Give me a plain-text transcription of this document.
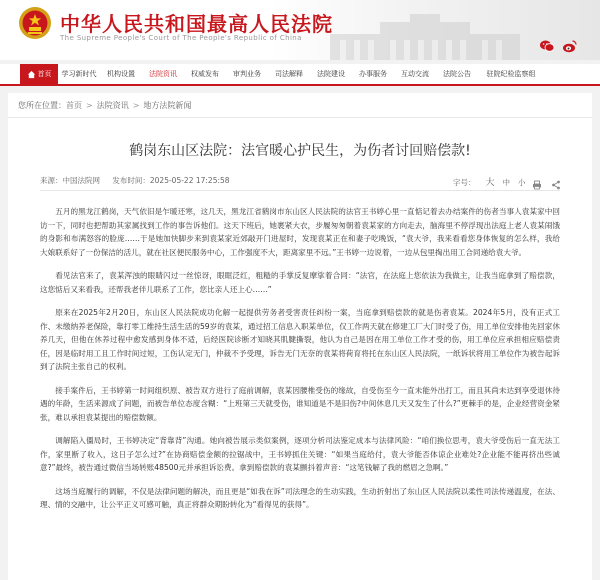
中华人民共和国最高人民法院
The Supreme People's Court of The People's Republic of China
首页	学习新时代	机构设置	法院资讯	权威发布	审判业务	司法解释	法院建设	办事服务	互动交流	法院公告	驻院纪检监察组
您所在位置：首页 > 法院资讯 > 地方法院新闻
鹤岗东山区法院：法官暖心护民生，为伤者讨回赔偿款!
来源：中国法院网 发布时间：2025-05-22 17:25:58	字号： 大 中 小

五月的黑龙江鹤岗，天气依旧是乍暖还寒，这几天，黑龙江省鹤岗市东山区人民法院的法官王书婷心里一直惦记着去办结案件的伤者当事人袁某家中回访一下，同时也把帮助其家属找到工作的事告诉他们。这天下班后，她裹紧大衣，步履匆匆朝着袁某家的方向走去，脑海里不停浮现出法庭上老人袁某闹饿的身影和布满怒容的脸庞……于是她加快脚步来到袁某家近郊敲开门进屋时，发现袁某正在和妻子吃晚饭，“袁大爷，我来看看您身体恢复的怎么样，我给大娘联系好了一份保洁的活儿，就在社区便民服务中心，工作强度不大，距离家里不远。”王书婷一边说着，一边从包里掏出用工合同递给袁大爷。

看见法官来了，袁某浑浊的眼睛闪过一丝惊讶，眼眶泛红，粗糙的手掌反复摩挲着合同：“法官，在法庭上您依法为我做主，让我当庭拿到了赔偿款，这您惦后又来看我，还帮我老伴儿联系了工作，您比亲人还上心……”

原来在2025年2月20日，东山区人民法院成功化解一起提供劳务者受害责任纠纷一案，当庭拿到赔偿款的就是伤者袁某。2024年5月，没有正式工作、未缴纳养老保险，靠打零工维持生活生活的59岁的袁某，通过招工信息入职某单位，仅工作两天就在修建工厂大门时受了伤，用工单位安排他先回家休养几天，但他在休养过程中愈发感到身体不适，后经医院诊断才知晓其肌腱撕裂，他认为自己是因在用工单位工作才受的伤，用工单位应承担相应赔偿责任，因是临时用工且工作时间过短，工伤认定无门，仲裁不予受理，诉告无门无奈的袁某将荷育将托在东山区人民法院，一纸诉状将用工单位作为被告起诉到了法院主张自己的权利。

接手案件后，王书婷第一时间组织原、被告双方进行了庭前调解，袁某因腰椎受伤的缘故，自受伤至今一直未能外出打工，而且其尚未达到享受退休待遇的年龄，生活来源成了问题，而被告单位态度含糊：“上班第三天就受伤，谁知道是不是旧伤?中间休息几天又发生了什么?”更棘手的是，企业经营资金紧张，难以承担袁某提出的赔偿数额。

调解陷入僵局时，王书婷决定“背靠背”沟通。她向被告展示类似案例，逐项分析司法鉴定成本与法律风险：“咱们换位思考，袁大爷受伤后一直无法工作，家里断了收入，这日子怎么过?”在协商赔偿金额的拉锯战中，王书婷抓住关键：“如果当庭给付，袁大爷能否体谅企业难处?企业能不能再挤出些诚意?”最终，被告通过微信当场转账48500元并承担诉讼费。拿到赔偿款的袁某颤抖着声音：“这笔钱解了我的燃眉之急啊。”

这场当庭履行的调解，不仅是法律问题的解决，而且更是“如我在诉”司法理念的生动实践，生动折射出了东山区人民法院以柔性司法传递温度，在法、理、情的交融中，让公平正义可感可触，真正将群众期盼转化为“看得见的获得”。
